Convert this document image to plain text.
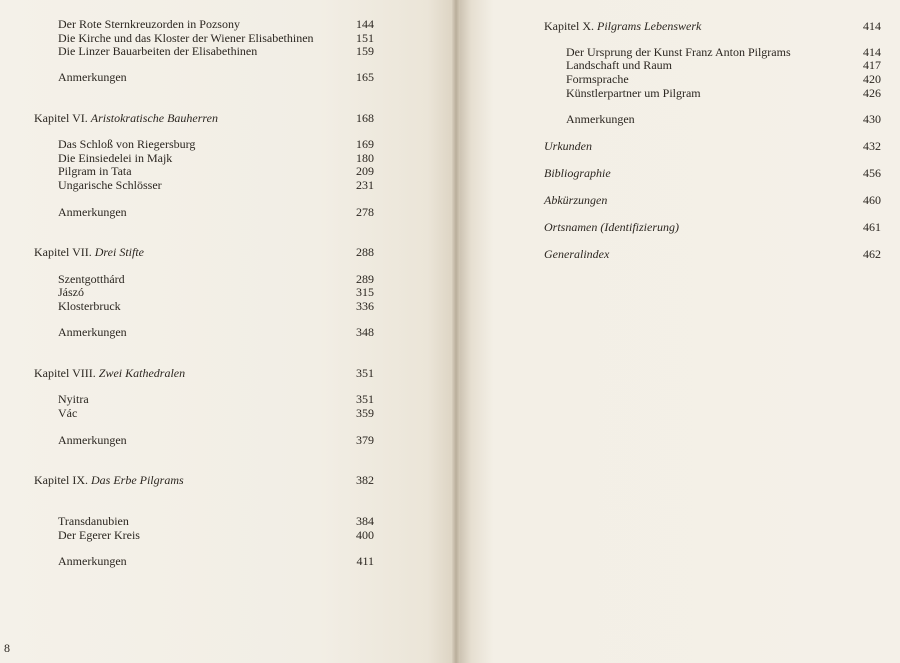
Der Rote Sternkreuzorden in Pozsony	144
Die Kirche und das Kloster der Wiener Elisabethinen	151
Die Linzer Bauarbeiten der Elisabethinen	159
Anmerkungen	165
Kapitel VI. Aristokratische Bauherren	168
Das Schloß von Riegersburg	169
Die Einsiedelei in Majk	180
Pilgram in Tata	209
Ungarische Schlösser	231
Anmerkungen	278
Kapitel VII. Drei Stifte	288
Szentgotthárd	289
Jászó	315
Klosterbruck	336
Anmerkungen	348
Kapitel VIII. Zwei Kathedralen	351
Nyitra	351
Vác	359
Anmerkungen	379
Kapitel IX. Das Erbe Pilgrams	382
Transdanubien	384
Der Egerer Kreis	400
Anmerkungen	411
Kapitel X. Pilgrams Lebenswerk	414
Der Ursprung der Kunst Franz Anton Pilgrams	414
Landschaft und Raum	417
Formsprache	420
Künstlerpartner um Pilgram	426
Anmerkungen	430
Urkunden	432
Bibliographie	456
Abkürzungen	460
Ortsnamen (Identifizierung)	461
Generalindex	462
8
